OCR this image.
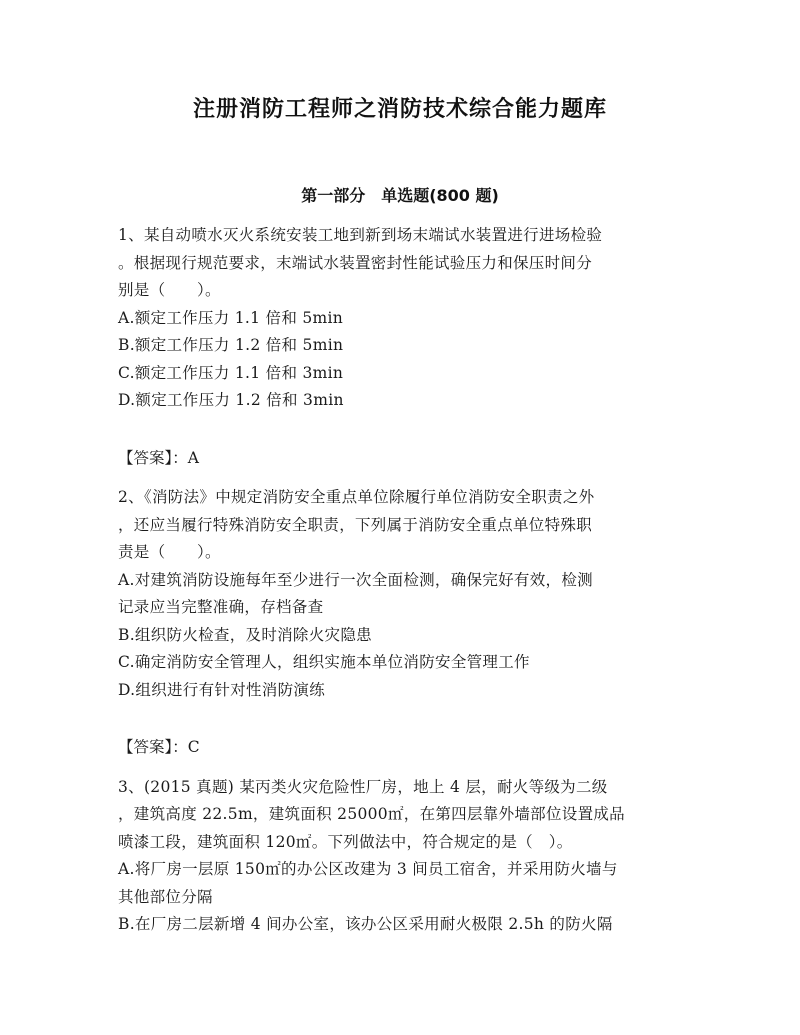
注册消防工程师之消防技术综合能力题库
第一部分　单选题(800 题)
1、某自动喷水灭火系统安装工地到新到场末端试水装置进行进场检验
。根据现行规范要求，末端试水装置密封性能试验压力和保压时间分
别是（　　）。
A.额定工作压力 1.1 倍和 5min
B.额定工作压力 1.2 倍和 5min
C.额定工作压力 1.1 倍和 3min
D.额定工作压力 1.2 倍和 3min
【答案】：A
2、《消防法》中规定消防安全重点单位除履行单位消防安全职责之外
，还应当履行特殊消防安全职责，下列属于消防安全重点单位特殊职
责是（　　）。
A.对建筑消防设施每年至少进行一次全面检测，确保完好有效，检测
记录应当完整准确，存档备查
B.组织防火检查，及时消除火灾隐患
C.确定消防安全管理人，组织实施本单位消防安全管理工作
D.组织进行有针对性消防演练
【答案】：C
3、(2015 真题) 某丙类火灾危险性厂房，地上 4 层，耐火等级为二级
，建筑高度 22.5m，建筑面积 25000㎡，在第四层靠外墙部位设置成品
喷漆工段，建筑面积 120㎡。下列做法中，符合规定的是（　）。
A.将厂房一层原 150㎡的办公区改建为 3 间员工宿舍，并采用防火墙与
其他部位分隔
B.在厂房二层新增 4 间办公室，该办公区采用耐火极限 2.5h 的防火隔
